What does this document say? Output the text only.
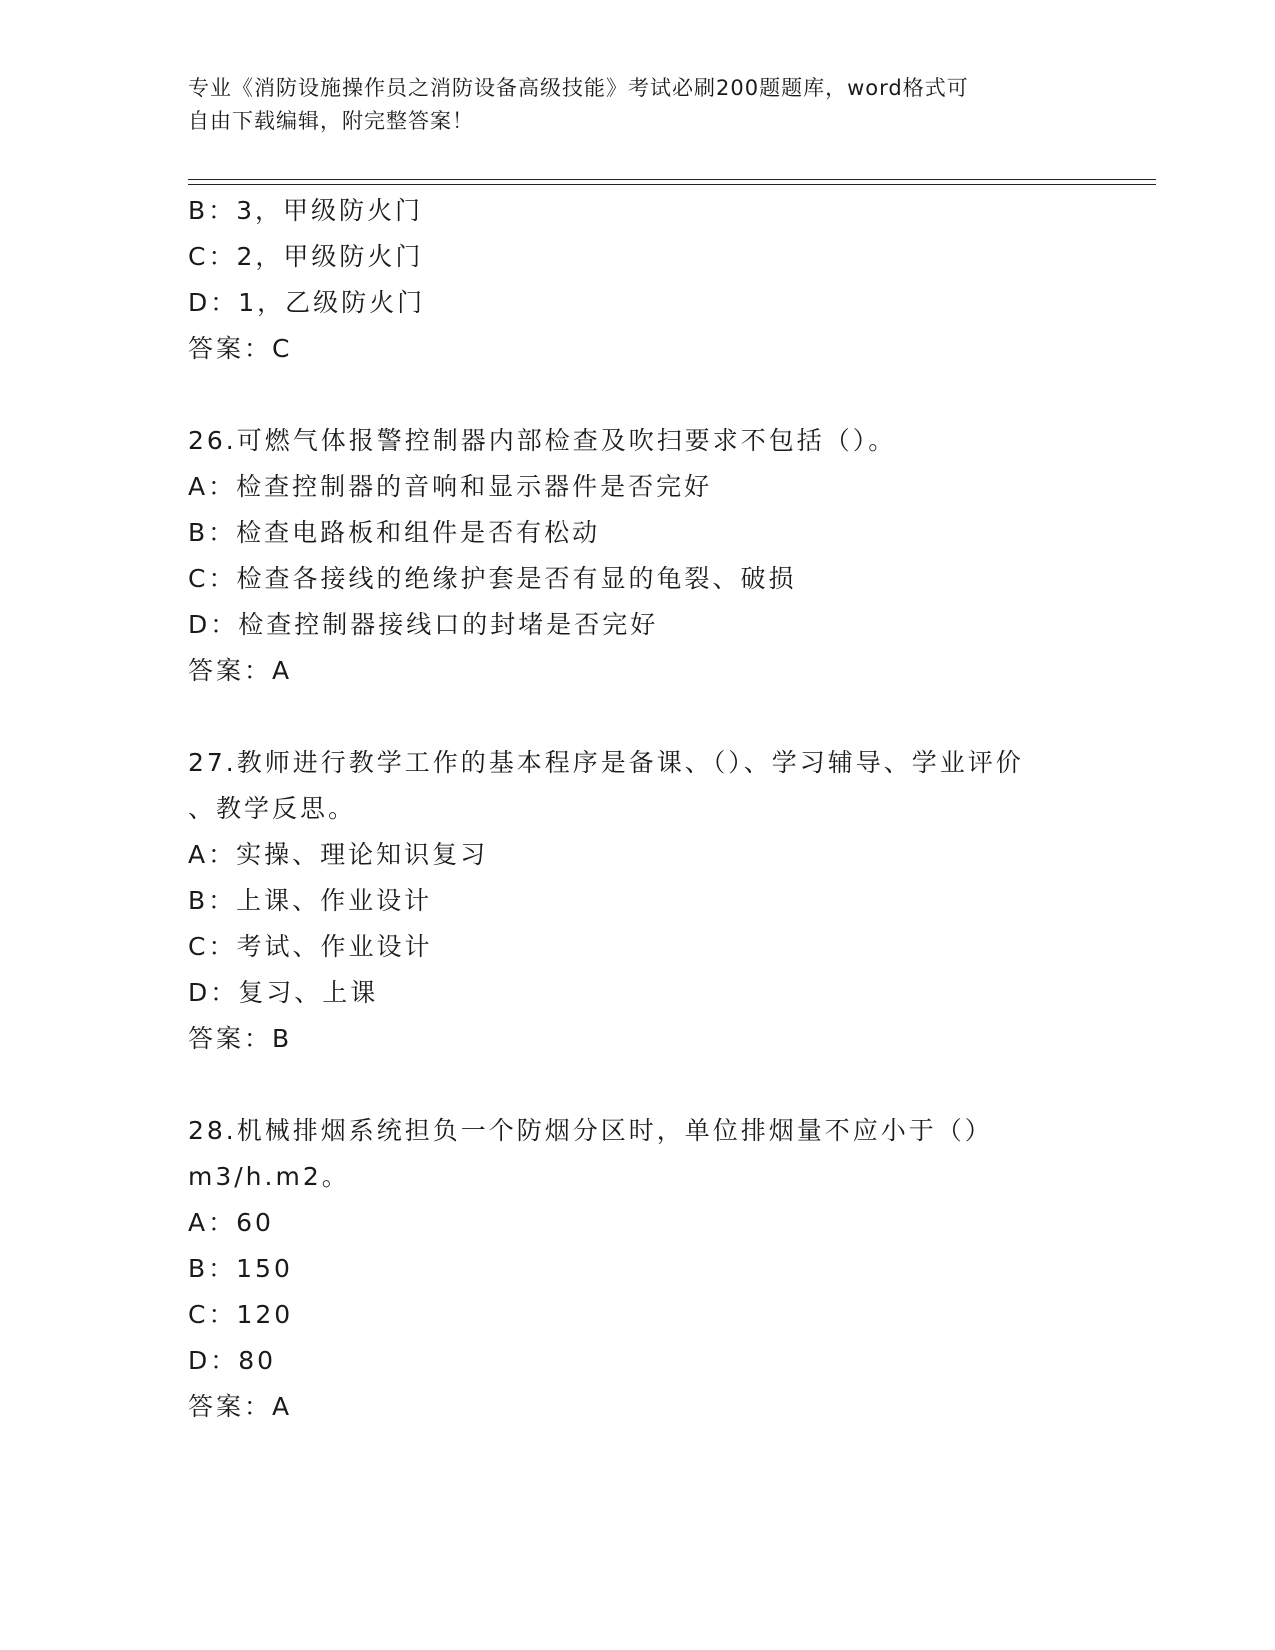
专业《消防设施操作员之消防设备高级技能》考试必刷200题题库，word格式可

自由下载编辑，附完整答案！

B：3，甲级防火门
C：2，甲级防火门
D：1，乙级防火门
答案：C
26.可燃气体报警控制器内部检查及吹扫要求不包括（）。
A：检查控制器的音响和显示器件是否完好
B：检查电路板和组件是否有松动
C：检查各接线的绝缘护套是否有显的龟裂、破损
D：检查控制器接线口的封堵是否完好
答案：A
27.教师进行教学工作的基本程序是备课、（）、学习辅导、学业评价
、教学反思。
A：实操、理论知识复习
B：上课、作业设计
C：考试、作业设计
D：复习、上课
答案：B
28.机械排烟系统担负一个防烟分区时，单位排烟量不应小于（）
m3/h.m2。
A：60
B：150
C：120
D：80
答案：A
